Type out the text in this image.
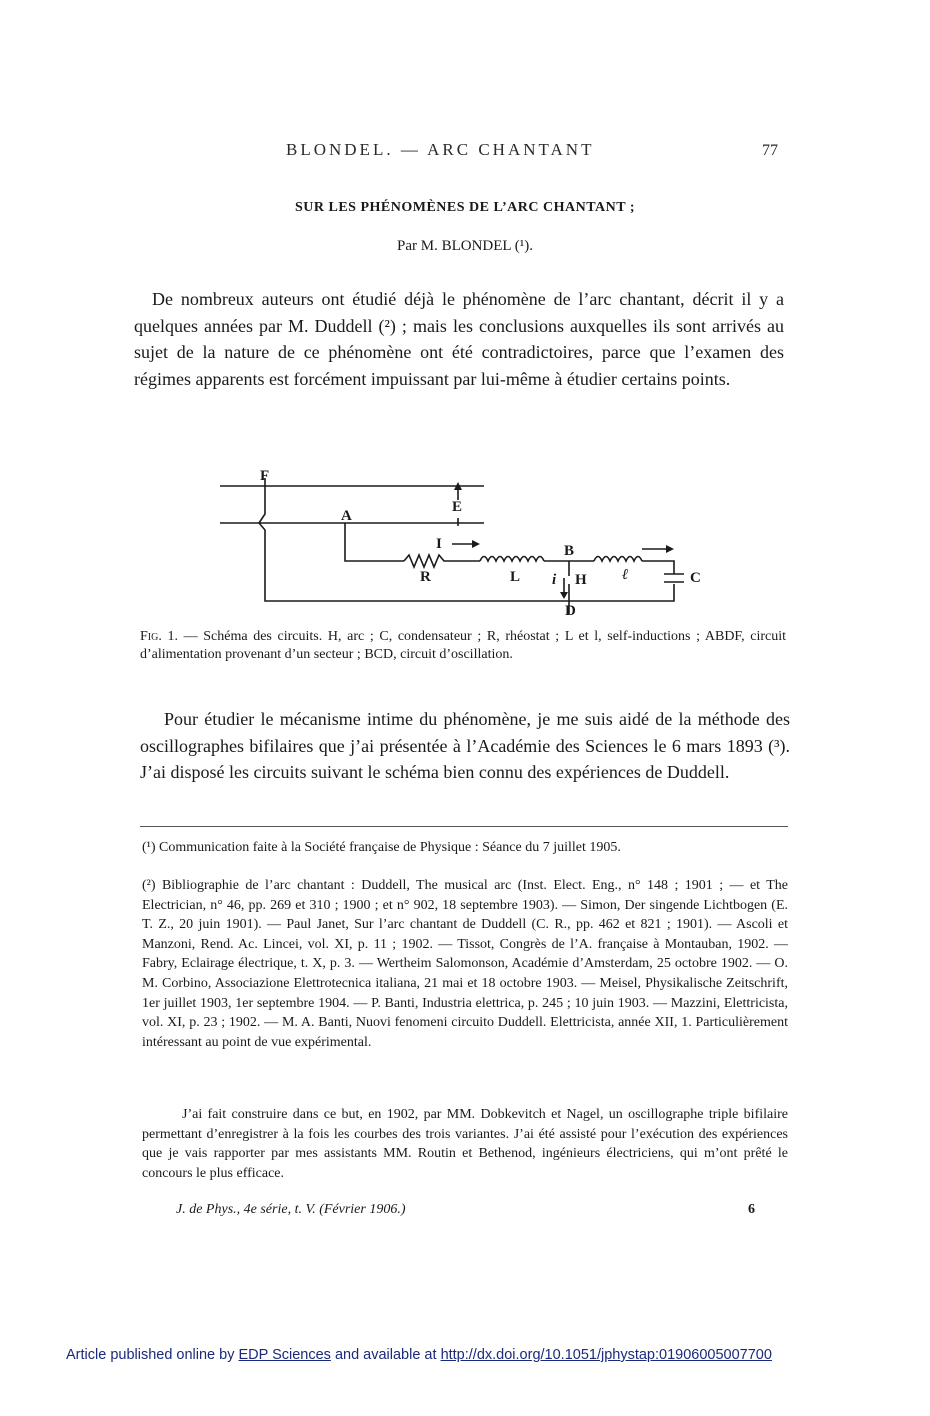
BLONDEL. — ARC CHANTANT	77
SUR LES PHÉNOMÈNES DE L’ARC CHANTANT ;
Par M. BLONDEL (¹).
De nombreux auteurs ont étudié déjà le phénomène de l’arc chantant, décrit il y a quelques années par M. Duddell (²) ; mais les conclusions auxquelles ils sont arrivés au sujet de la nature de ce phénomène ont été contradictoires, parce que l’examen des régimes apparents est forcément impuissant par lui-même à étudier certains points.
F
E
A
I
R	L
B
i H ℓ	C
D
Fig. 1. — Schéma des circuits. H, arc ; C, condensateur ; R, rhéostat ; L et l, self-inductions ; ABDF, circuit d’alimentation provenant d’un secteur ; BCD, circuit d’oscillation.
Pour étudier le mécanisme intime du phénomène, je me suis aidé de la méthode des oscillographes bifilaires que j’ai présentée à l’Académie des Sciences le 6 mars 1893 (³). J’ai disposé les circuits suivant le schéma bien connu des expériences de Duddell.
(¹) Communication faite à la Société française de Physique : Séance du 7 juillet 1905.
(²) Bibliographie de l’arc chantant : Duddell, The musical arc (Inst. Elect. Eng., n° 148 ; 1901 ; — et The Electrician, n° 46, pp. 269 et 310 ; 1900 ; et n° 902, 18 septembre 1903). — Simon, Der singende Lichtbogen (E. T. Z., 20 juin 1901). — Paul Janet, Sur l’arc chantant de Duddell (C. R., pp. 462 et 821 ; 1901). — Ascoli et Manzoni, Rend. Ac. Lincei, vol. XI, p. 11 ; 1902. — Tissot, Congrès de l’A. française à Montauban, 1902. — Fabry, Eclairage électrique, t. X, p. 3. — Wertheim Salomonson, Académie d’Amsterdam, 25 octobre 1902. — O. M. Corbino, Associazione Elettrotecnica italiana, 21 mai et 18 octobre 1903. — Meisel, Physikalische Zeitschrift, 1er juillet 1903, 1er septembre 1904. — P. Banti, Industria elettrica, p. 245 ; 10 juin 1903. — Mazzini, Elettricista, vol. XI, p. 23 ; 1902. — M. A. Banti, Nuovi fenomeni circuito Duddell. Elettricista, année XII, 1. Particulièrement intéressant au point de vue expérimental.
J’ai fait construire dans ce but, en 1902, par MM. Dobkevitch et Nagel, un oscillographe triple bifilaire permettant d’enregistrer à la fois les courbes des trois variantes. J’ai été assisté pour l’exécution des expériences que je vais rapporter par mes assistants MM. Routin et Bethenod, ingénieurs électriciens, qui m’ont prêté le concours le plus efficace.
J. de Phys., 4e série, t. V. (Février 1906.)	6
Article published online by EDP Sciences and available at http://dx.doi.org/10.1051/jphystap:01906005007700
